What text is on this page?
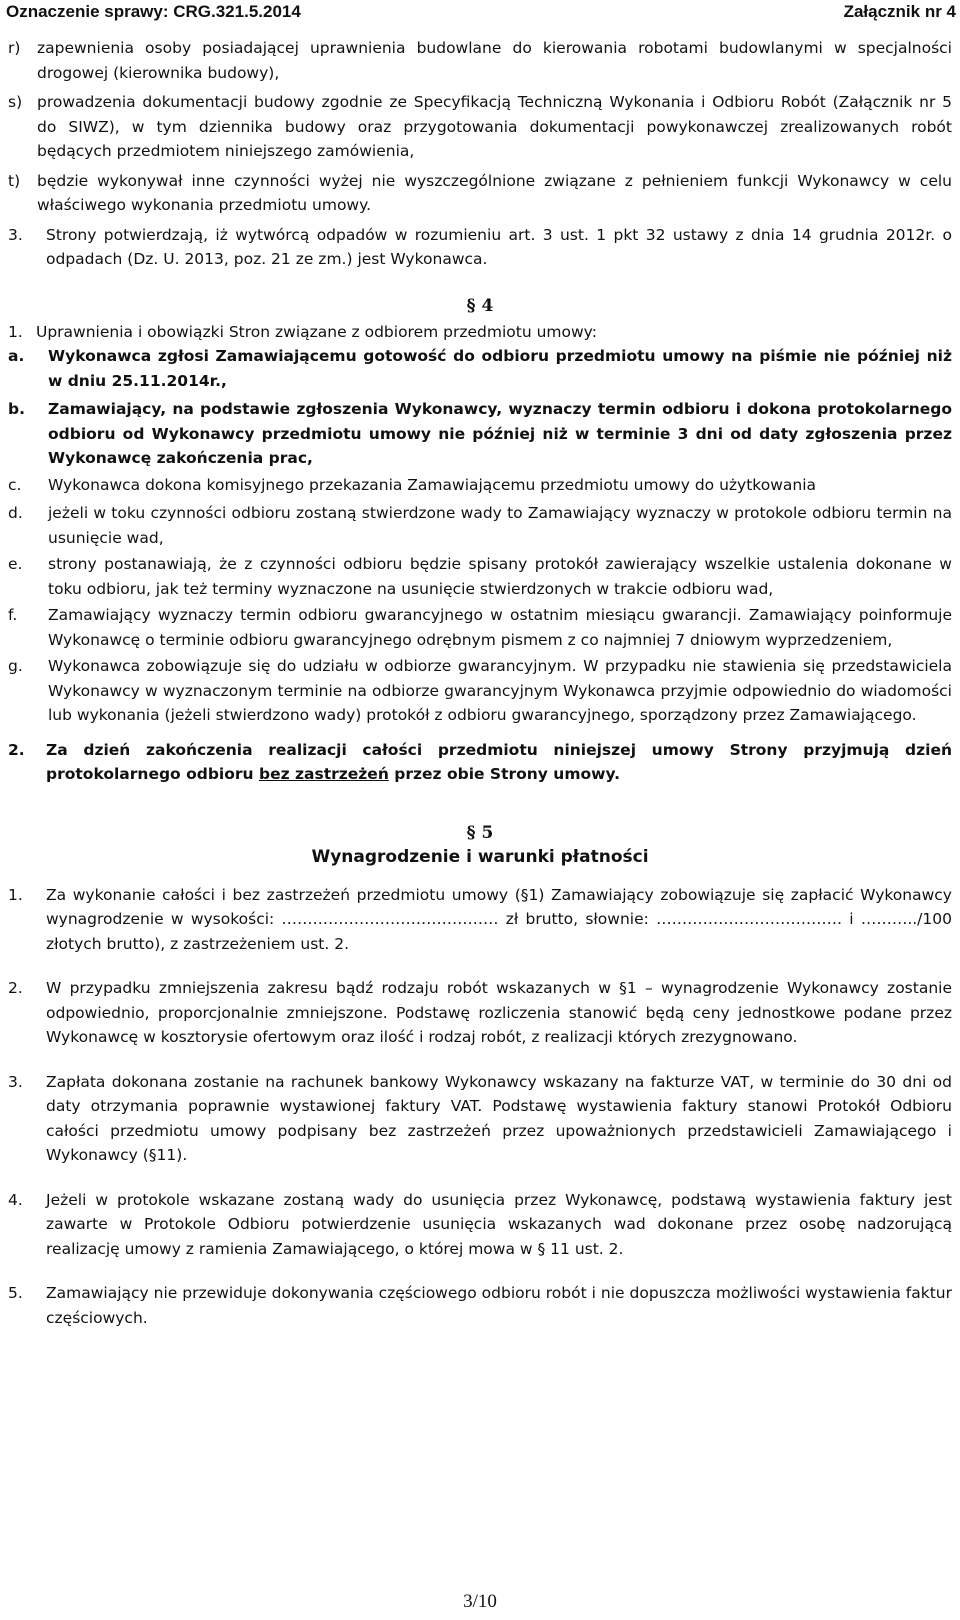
Oznaczenie sprawy: CRG.321.5.2014	Załącznik nr 4
r)	zapewnienia osoby posiadającej uprawnienia budowlane do kierowania robotami budowlanymi w specjalności drogowej (kierownika budowy),
s) prowadzenia dokumentacji budowy zgodnie ze Specyfikacją Techniczną Wykonania i Odbioru Robót (Załącznik nr 5 do SIWZ), w tym dziennika budowy oraz przygotowania dokumentacji powykonawczej zrealizowanych robót będących przedmiotem niniejszego zamówienia,
t)	będzie wykonywał inne czynności wyżej nie wyszczególnione związane z pełnieniem funkcji Wykonawcy w celu właściwego wykonania przedmiotu umowy.
3.	Strony potwierdzają, iż wytwórcą odpadów w rozumieniu art. 3 ust. 1 pkt 32 ustawy z dnia 14 grudnia 2012r. o odpadach (Dz. U. 2013, poz. 21 ze zm.) jest Wykonawca.
§ 4
1. Uprawnienia i obowiązki Stron związane z odbiorem przedmiotu umowy:
a.	Wykonawca zgłosi Zamawiającemu gotowość do odbioru przedmiotu umowy na piśmie nie później niż w dniu 25.11.2014r.,
b.	Zamawiający, na podstawie zgłoszenia Wykonawcy, wyznaczy termin odbioru i dokona protokolarnego odbioru od Wykonawcy przedmiotu umowy nie później niż w terminie 3 dni od daty zgłoszenia przez Wykonawcę zakończenia prac,
c.	Wykonawca dokona komisyjnego przekazania Zamawiającemu przedmiotu umowy do użytkowania
d.	jeżeli w toku czynności odbioru zostaną stwierdzone wady to Zamawiający wyznaczy w protokole odbioru termin na usunięcie wad,
e.	strony postanawiają, że z czynności odbioru będzie spisany protokół zawierający wszelkie ustalenia dokonane w toku odbioru, jak też terminy wyznaczone na usunięcie stwierdzonych w trakcie odbioru wad,
f.	Zamawiający wyznaczy termin odbioru gwarancyjnego w ostatnim miesiącu gwarancji. Zamawiający poinformuje Wykonawcę o terminie odbioru gwarancyjnego odrębnym pismem z co najmniej 7 dniowym wyprzedzeniem,
g.	Wykonawca zobowiązuje się do udziału w odbiorze gwarancyjnym. W przypadku nie stawienia się przedstawiciela Wykonawcy w wyznaczonym terminie na odbiorze gwarancyjnym Wykonawca przyjmie odpowiednio do wiadomości lub wykonania (jeżeli stwierdzono wady) protokół z odbioru gwarancyjnego, sporządzony przez Zamawiającego.
2.	Za dzień zakończenia realizacji całości przedmiotu niniejszej umowy Strony przyjmują dzień protokolarnego odbioru bez zastrzeżeń przez obie Strony umowy.
§ 5
Wynagrodzenie i warunki płatności
1.	Za wykonanie całości i bez zastrzeżeń przedmiotu umowy (§1) Zamawiający zobowiązuje się zapłacić Wykonawcy wynagrodzenie w wysokości: …………………………………… zł brutto, słownie: ……………………………… i ………../100 złotych brutto), z zastrzeżeniem ust. 2.
2.	W przypadku zmniejszenia zakresu bądź rodzaju robót wskazanych w §1 – wynagrodzenie Wykonawcy zostanie odpowiednio, proporcjonalnie zmniejszone. Podstawę rozliczenia stanowić będą ceny jednostkowe podane przez Wykonawcę w kosztorysie ofertowym oraz ilość i rodzaj robót, z realizacji których zrezygnowano.
3.	Zapłata dokonana zostanie na rachunek bankowy Wykonawcy wskazany na fakturze VAT, w terminie do 30 dni od daty otrzymania poprawnie wystawionej faktury VAT. Podstawę wystawienia faktury stanowi Protokół Odbioru całości przedmiotu umowy podpisany bez zastrzeżeń przez upoważnionych przedstawicieli Zamawiającego i Wykonawcy (§11).
4.	Jeżeli w protokole wskazane zostaną wady do usunięcia przez Wykonawcę, podstawą wystawienia faktury jest zawarte w Protokole Odbioru potwierdzenie usunięcia wskazanych wad dokonane przez osobę nadzorującą realizację umowy z ramienia Zamawiającego, o której mowa w § 11 ust. 2.
5.	Zamawiający nie przewiduje dokonywania częściowego odbioru robót i nie dopuszcza możliwości wystawienia faktur częściowych.
3/10
